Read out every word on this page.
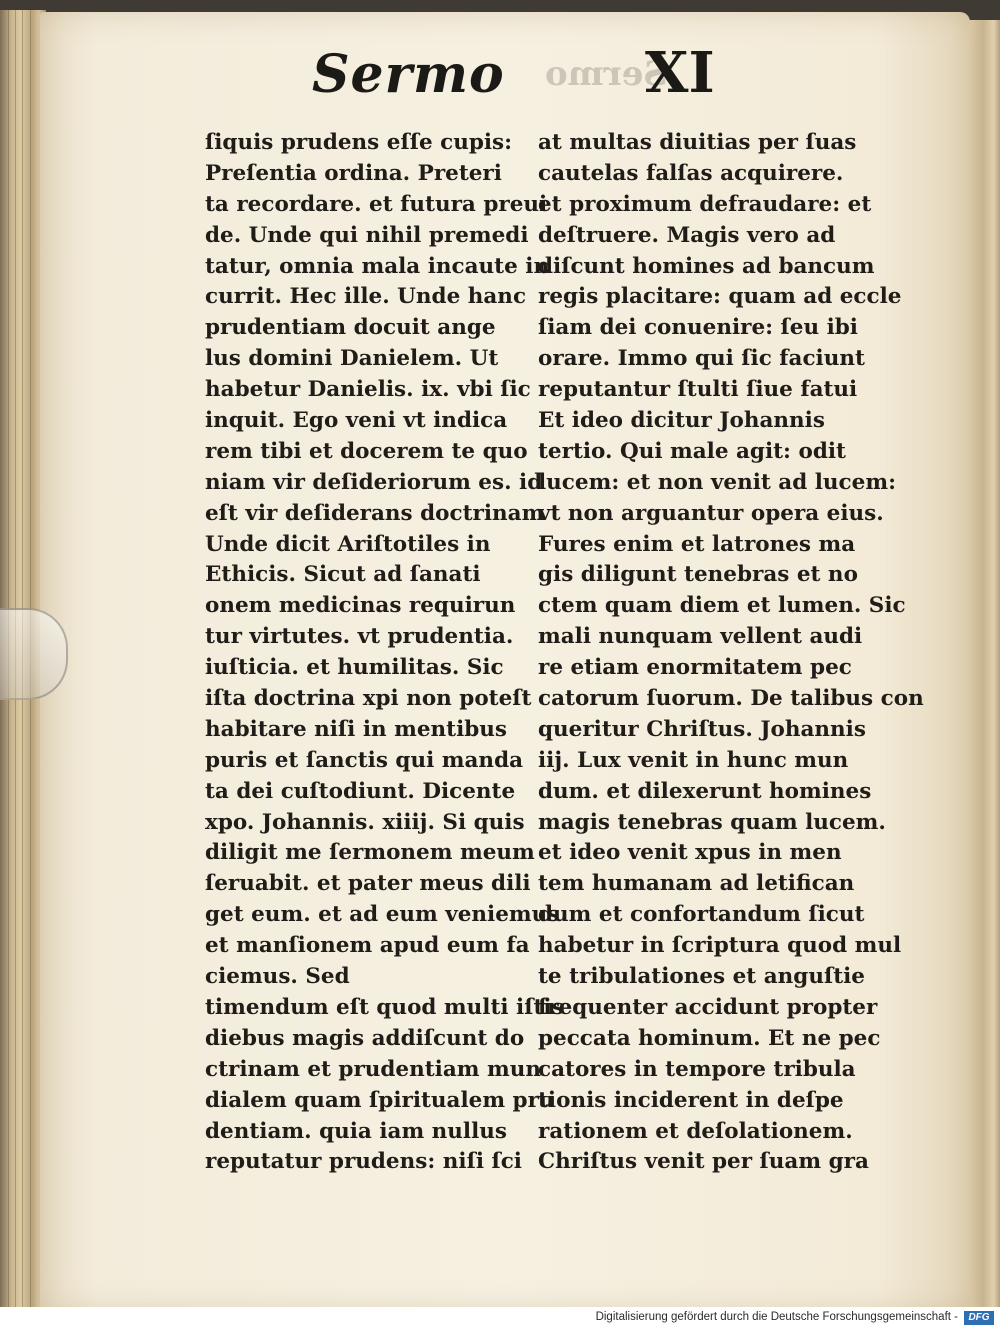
Sermo Sermo
XI
ſiquis prudens eſſe cupis:
Preſentia ordina. Preteri
ta recordare. et futura preui
de. Unde qui nihil premedi
tatur, omnia mala incaute in
currit. Hec ille. Unde hanc
prudentiam docuit ange
lus domini Danielem. Ut
habetur Danielis. ix. vbi ſic
inquit. Ego veni vt indica
rem tibi et docerem te quo
niam vir deſideriorum es. id
eſt vir deſiderans doctrinam
Unde dicit Ariſtotiles in
Ethicis. Sicut ad ſanati
onem medicinas requirun
tur virtutes. vt prudentia.
iuſticia. et humilitas. Sic
iſta doctrina xpi non poteſt
habitare niſi in mentibus
puris et ſanctis qui manda
ta dei cuſtodiunt. Dicente
xpo. Johannis. xiiij. Si quis
diligit me ſermonem meum
ſeruabit. et pater meus dili
get eum. et ad eum veniemus
et manſionem apud eum fa
ciemus. Sed
timendum eſt quod multi iſtis
diebus magis addiſcunt do
ctrinam et prudentiam mun
dialem quam ſpiritualem pru
dentiam. quia iam nullus
reputatur prudens: niſi ſci
at multas diuitias per ſuas
cautelas falſas acquirere.
et proximum defraudare: et
deſtruere. Magis vero ad
diſcunt homines ad bancum
regis placitare: quam ad eccle
ſiam dei conuenire: ſeu ibi
orare. Immo qui ſic faciunt
reputantur ſtulti ſiue fatui
Et ideo dicitur Johannis
tertio. Qui male agit: odit
lucem: et non venit ad lucem:
vt non arguantur opera eius.
Fures enim et latrones ma
gis diligunt tenebras et no
ctem quam diem et lumen. Sic
mali nunquam vellent audi
re etiam enormitatem pec
catorum ſuorum. De talibus con
queritur Chriſtus. Johannis
iij. Lux venit in hunc mun
dum. et dilexerunt homines
magis tenebras quam lucem.
et ideo venit xpus in men
tem humanam ad letifican
dum et confortandum ſicut
habetur in ſcriptura quod mul
te tribulationes et anguſtie
frequenter accidunt propter
peccata hominum. Et ne pec
catores in tempore tribula
tionis inciderent in deſpe
rationem et deſolationem.
Chriſtus venit per ſuam gra
Digitalisierung gefördert durch die Deutsche Forschungsgemeinschaft -	DFG
